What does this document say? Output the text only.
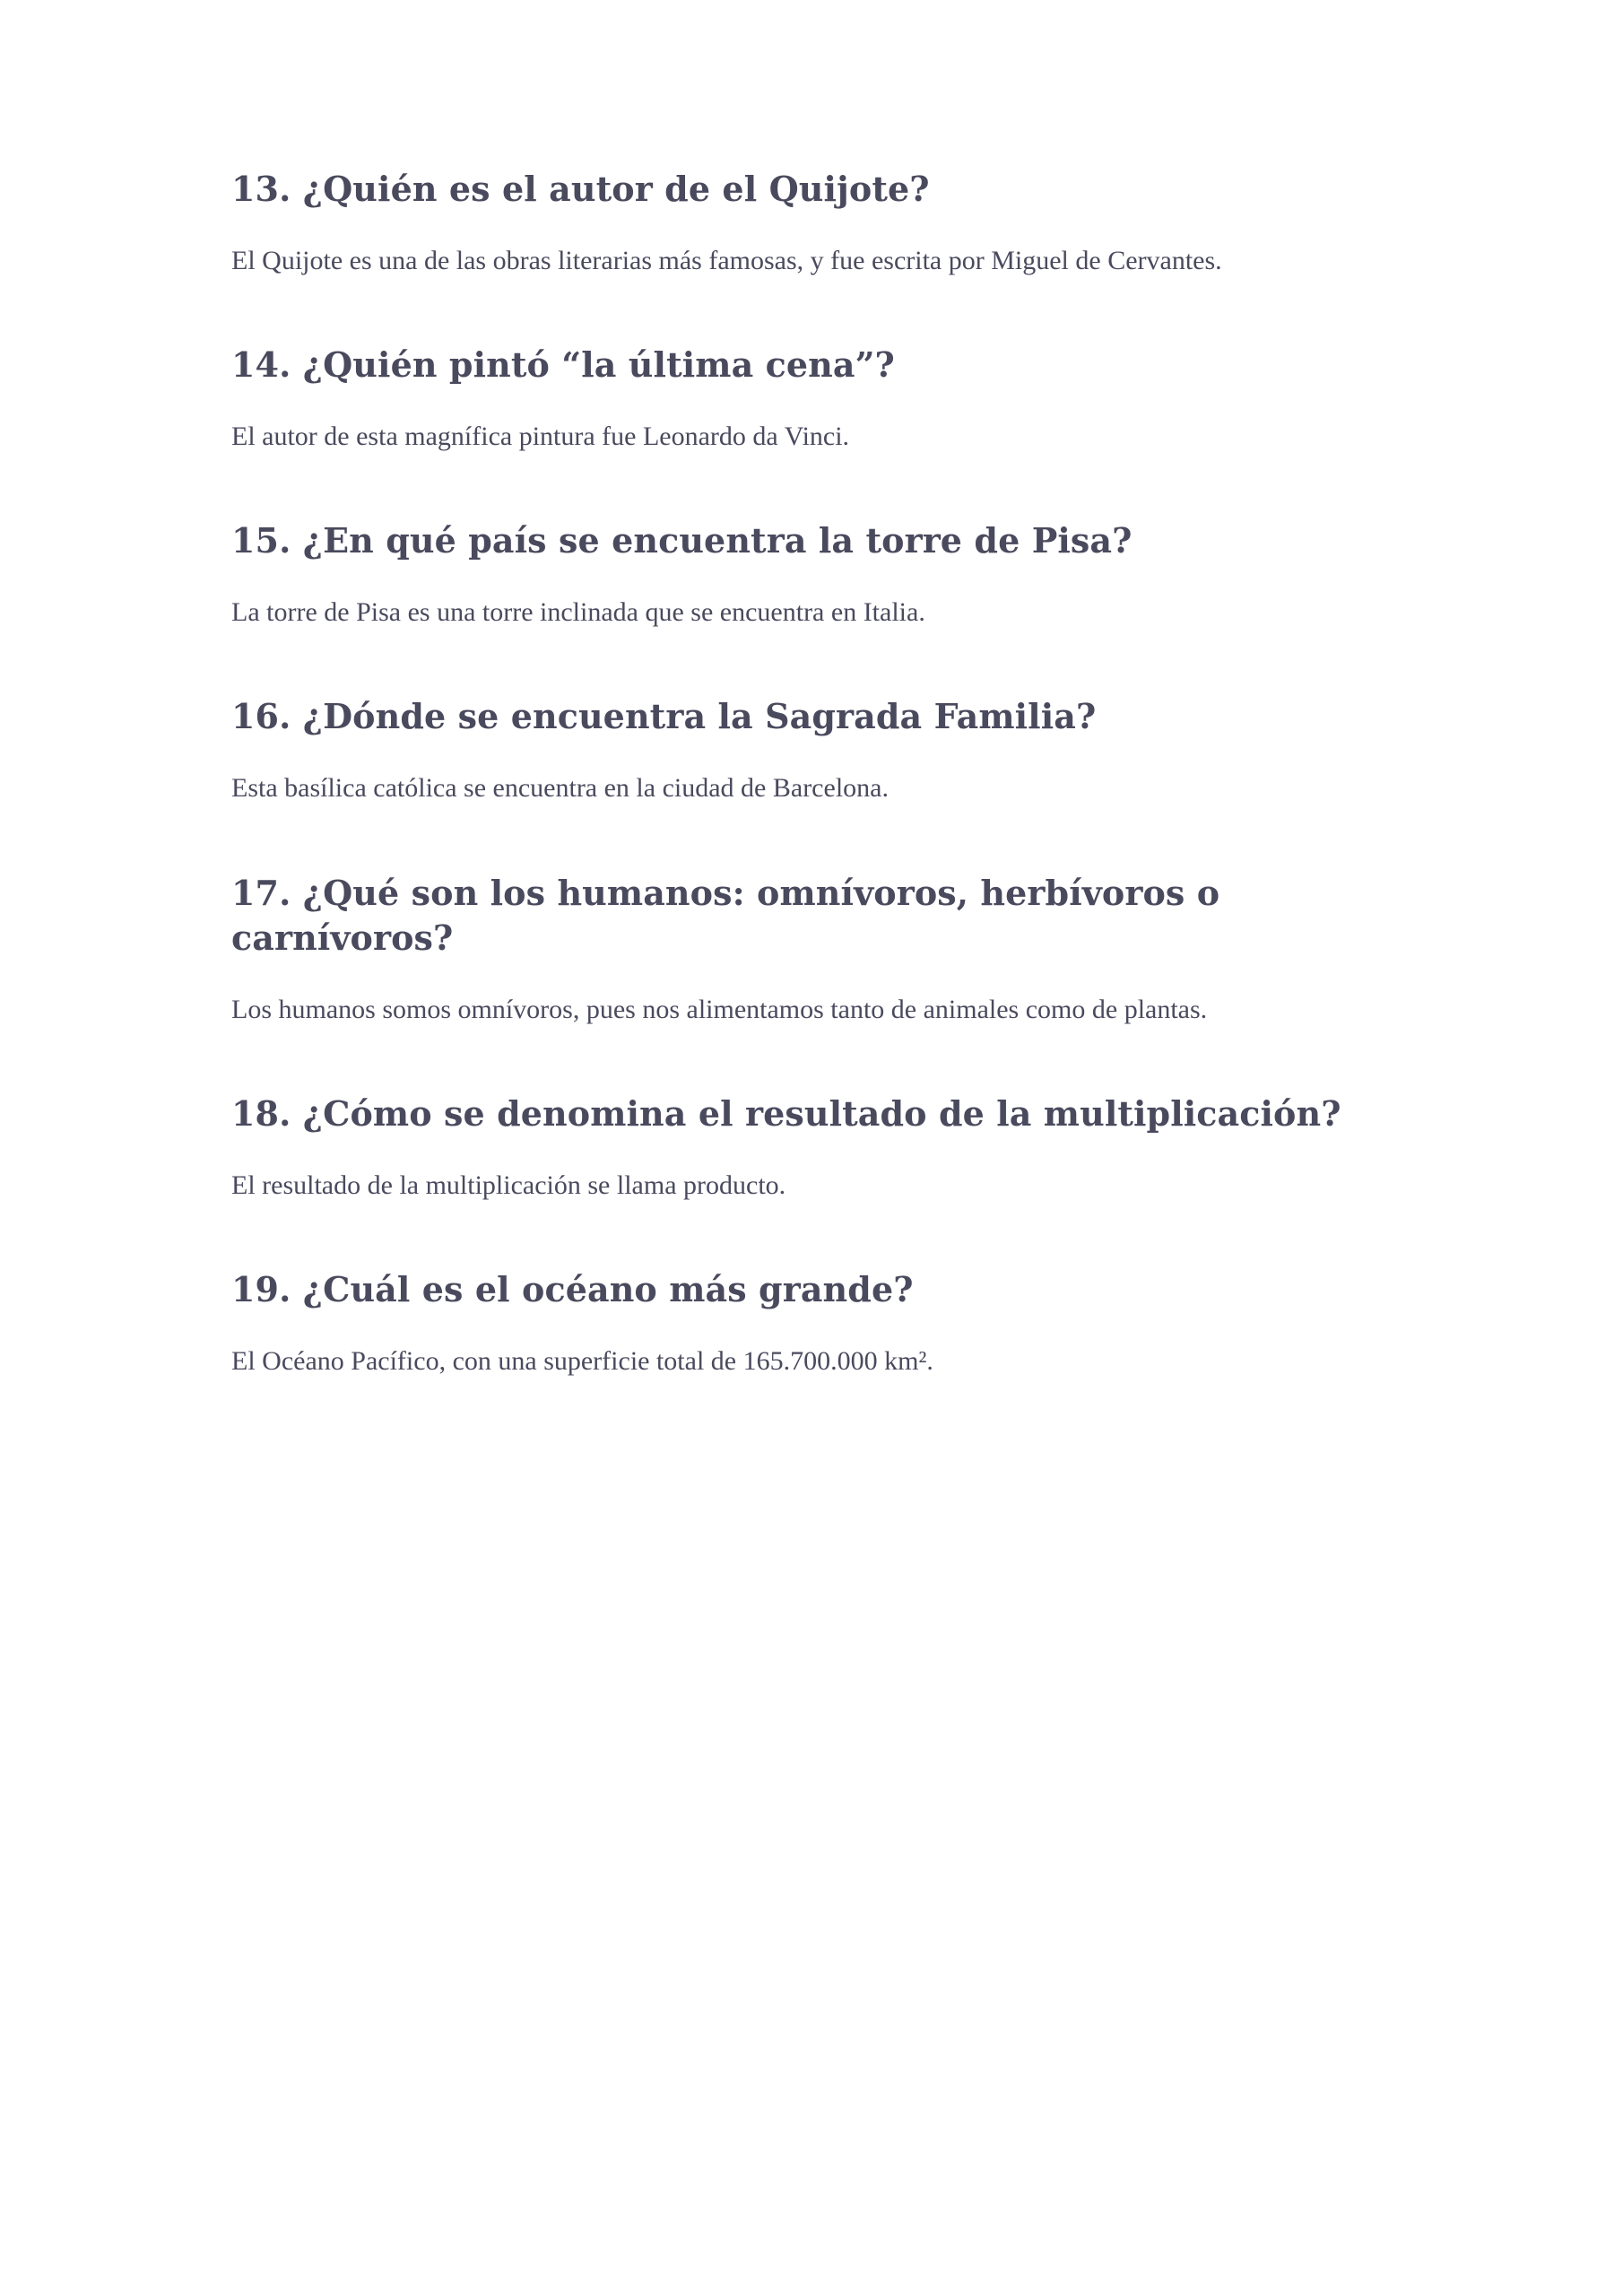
13. ¿Quién es el autor de el Quijote?

El Quijote es una de las obras literarias más famosas, y fue escrita por Miguel de Cervantes.

14. ¿Quién pintó “la última cena”?

El autor de esta magnífica pintura fue Leonardo da Vinci.

15. ¿En qué país se encuentra la torre de Pisa?

La torre de Pisa es una torre inclinada que se encuentra en Italia.

16. ¿Dónde se encuentra la Sagrada Familia?

Esta basílica católica se encuentra en la ciudad de Barcelona.

17. ¿Qué son los humanos: omnívoros, herbívoros o carnívoros?

Los humanos somos omnívoros, pues nos alimentamos tanto de animales como de plantas.

18. ¿Cómo se denomina el resultado de la multiplicación?

El resultado de la multiplicación se llama producto.

19. ¿Cuál es el océano más grande?

El Océano Pacífico, con una superficie total de 165.700.000 km².
